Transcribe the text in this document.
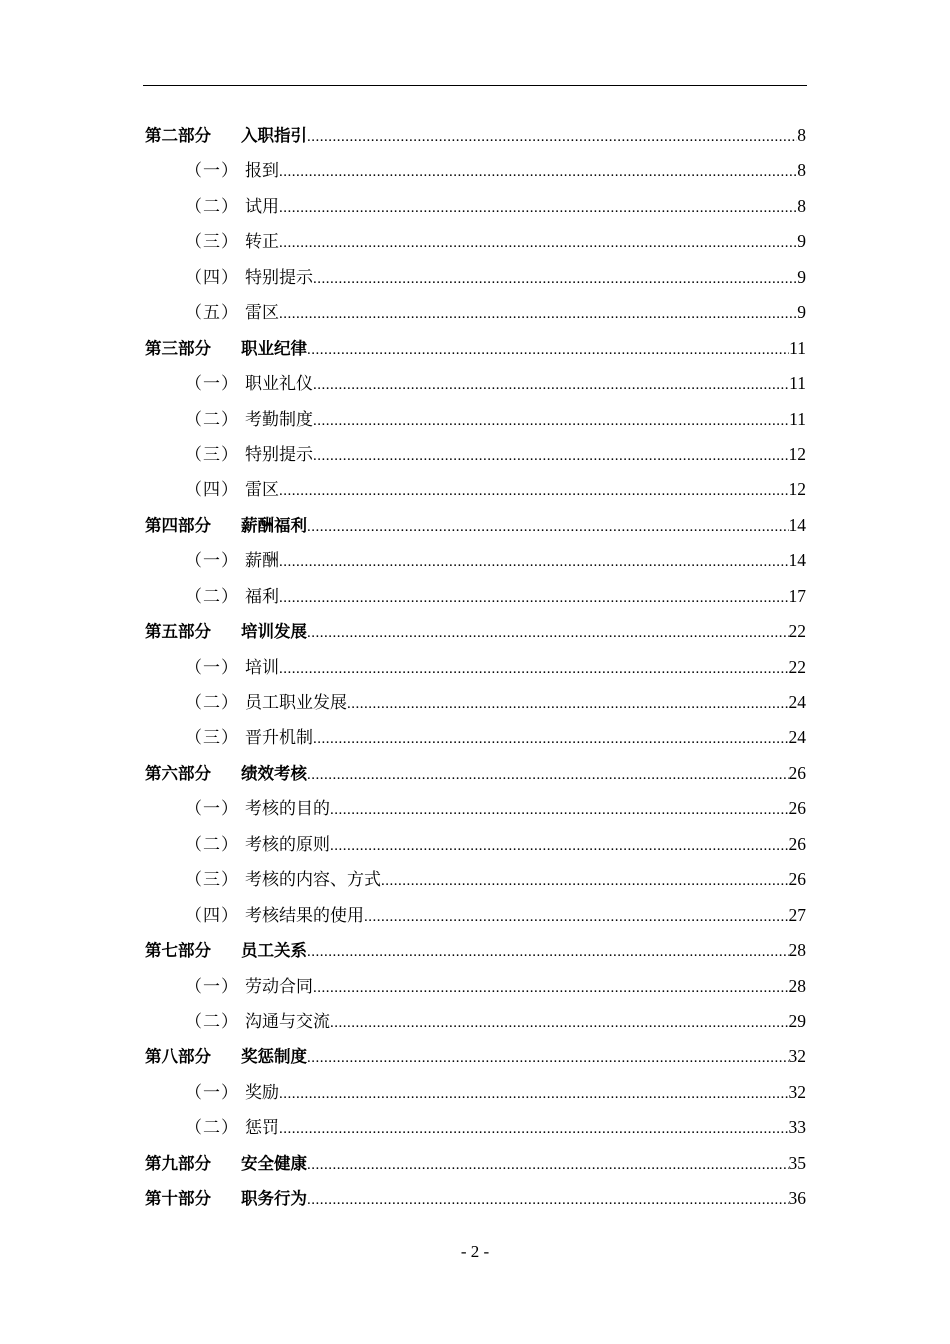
第二部分	入职指引 .....	8
（一） 报到 .....	8
（二） 试用 .....	8
（三） 转正 .....	9
（四） 特别提示 .....	9
（五） 雷区 .....	9
第三部分	职业纪律 .....	11
（一） 职业礼仪 .....	11
（二） 考勤制度 .....	11
（三） 特别提示 .....	12
（四） 雷区 .....	12
第四部分	薪酬福利 .....	14
（一） 薪酬 .....	14
（二） 福利 .....	17
第五部分	培训发展 .....	22
（一） 培训 .....	22
（二） 员工职业发展 .....	24
（三） 晋升机制 .....	24
第六部分	绩效考核 .....	26
（一） 考核的目的 .....	26
（二） 考核的原则 .....	26
（三） 考核的内容、方式 .....	26
（四） 考核结果的使用 .....	27
第七部分	员工关系 .....	28
（一） 劳动合同 .....	28
（二） 沟通与交流 .....	29
第八部分	奖惩制度 .....	32
（一） 奖励 .....	32
（二） 惩罚 .....	33
第九部分	安全健康 .....	35
第十部分	职务行为 .....	36
- 2 -
